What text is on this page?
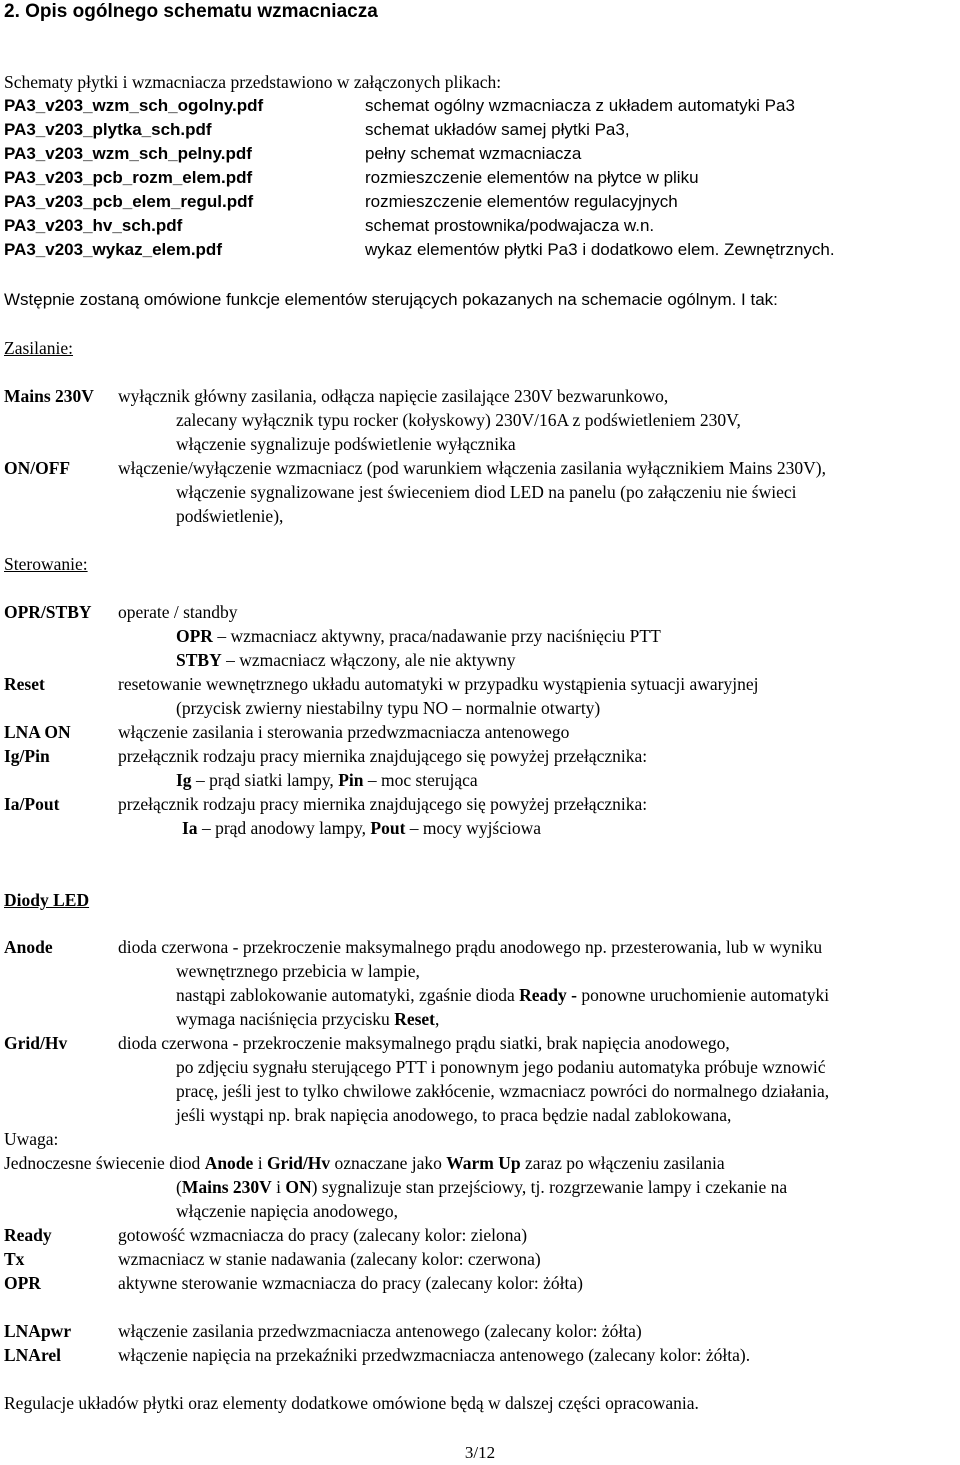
2. Opis ogólnego schematu wzmacniacza
Schematy płytki i wzmacniacza przedstawiono w załączonych plikach:
PA3_v203_wzm_sch_ogolny.pdf	schemat ogólny wzmacniacza z układem automatyki Pa3
PA3_v203_plytka_sch.pdf	schemat układów samej płytki Pa3,
PA3_v203_wzm_sch_pelny.pdf	pełny schemat wzmacniacza
PA3_v203_pcb_rozm_elem.pdf	rozmieszczenie elementów na płytce w pliku
PA3_v203_pcb_elem_regul.pdf	rozmieszczenie elementów regulacyjnych
PA3_v203_hv_sch.pdf	schemat prostownika/podwajacza w.n.
PA3_v203_wykaz_elem.pdf	wykaz elementów płytki Pa3 i dodatkowo elem. Zewnętrznych.
Wstępnie zostaną omówione funkcje elementów sterujących pokazanych na schemacie ogólnym. I tak:
Zasilanie:
Mains 230V wyłącznik główny zasilania, odłącza napięcie zasilające 230V bezwarunkowo,
zalecany wyłącznik typu rocker (kołyskowy) 230V/16A z podświetleniem 230V,
włączenie sygnalizuje podświetlenie wyłącznika
ON/OFF	włączenie/wyłączenie wzmacniacz (pod warunkiem włączenia zasilania wyłącznikiem Mains 230V),
włączenie sygnalizowane jest świeceniem diod LED na panelu (po załączeniu nie świeci
podświetlenie),
Sterowanie:
OPR/STBY operate / standby
OPR – wzmacniacz aktywny, praca/nadawanie przy naciśnięciu PTT
STBY – wzmacniacz włączony, ale nie aktywny
Reset	resetowanie wewnętrznego układu automatyki w przypadku wystąpienia sytuacji awaryjnej
(przycisk zwierny niestabilny typu NO – normalnie otwarty)
LNA ON	włączenie zasilania i sterowania przedwzmacniacza antenowego
Ig/Pin	przełącznik rodzaju pracy miernika znajdującego się powyżej przełącznika:
Ig – prąd siatki lampy, Pin – moc sterująca
Ia/Pout	przełącznik rodzaju pracy miernika znajdującego się powyżej przełącznika:
Ia – prąd anodowy lampy, Pout – mocy wyjściowa
Diody LED
Anode	dioda czerwona - przekroczenie maksymalnego prądu anodowego np. przesterowania, lub w wyniku
wewnętrznego przebicia w lampie,
nastąpi zablokowanie automatyki, zgaśnie dioda Ready - ponowne uruchomienie automatyki
wymaga naciśnięcia przycisku Reset,
Grid/Hv	dioda czerwona - przekroczenie maksymalnego prądu siatki, brak napięcia anodowego,
po zdjęciu sygnału sterującego PTT i ponownym jego podaniu automatyka próbuje wznowić
pracę, jeśli jest to tylko chwilowe zakłócenie, wzmacniacz powróci do normalnego działania,
jeśli wystąpi np. brak napięcia anodowego, to praca będzie nadal zablokowana,
Uwaga:
Jednoczesne świecenie diod Anode i Grid/Hv oznaczane jako Warm Up zaraz po włączeniu zasilania
(Mains 230V i ON) sygnalizuje stan przejściowy, tj. rozgrzewanie lampy i czekanie na
włączenie napięcia anodowego,
Ready	gotowość wzmacniacza do pracy (zalecany kolor: zielona)
Tx	wzmacniacz w stanie nadawania (zalecany kolor: czerwona)
OPR	aktywne sterowanie wzmacniacza do pracy (zalecany kolor: żółta)
LNApwr	włączenie zasilania przedwzmacniacza antenowego (zalecany kolor: żółta)
LNArel	włączenie napięcia na przekaźniki przedwzmacniacza antenowego (zalecany kolor: żółta).
Regulacje układów płytki oraz elementy dodatkowe omówione będą w dalszej części opracowania.
3/12
